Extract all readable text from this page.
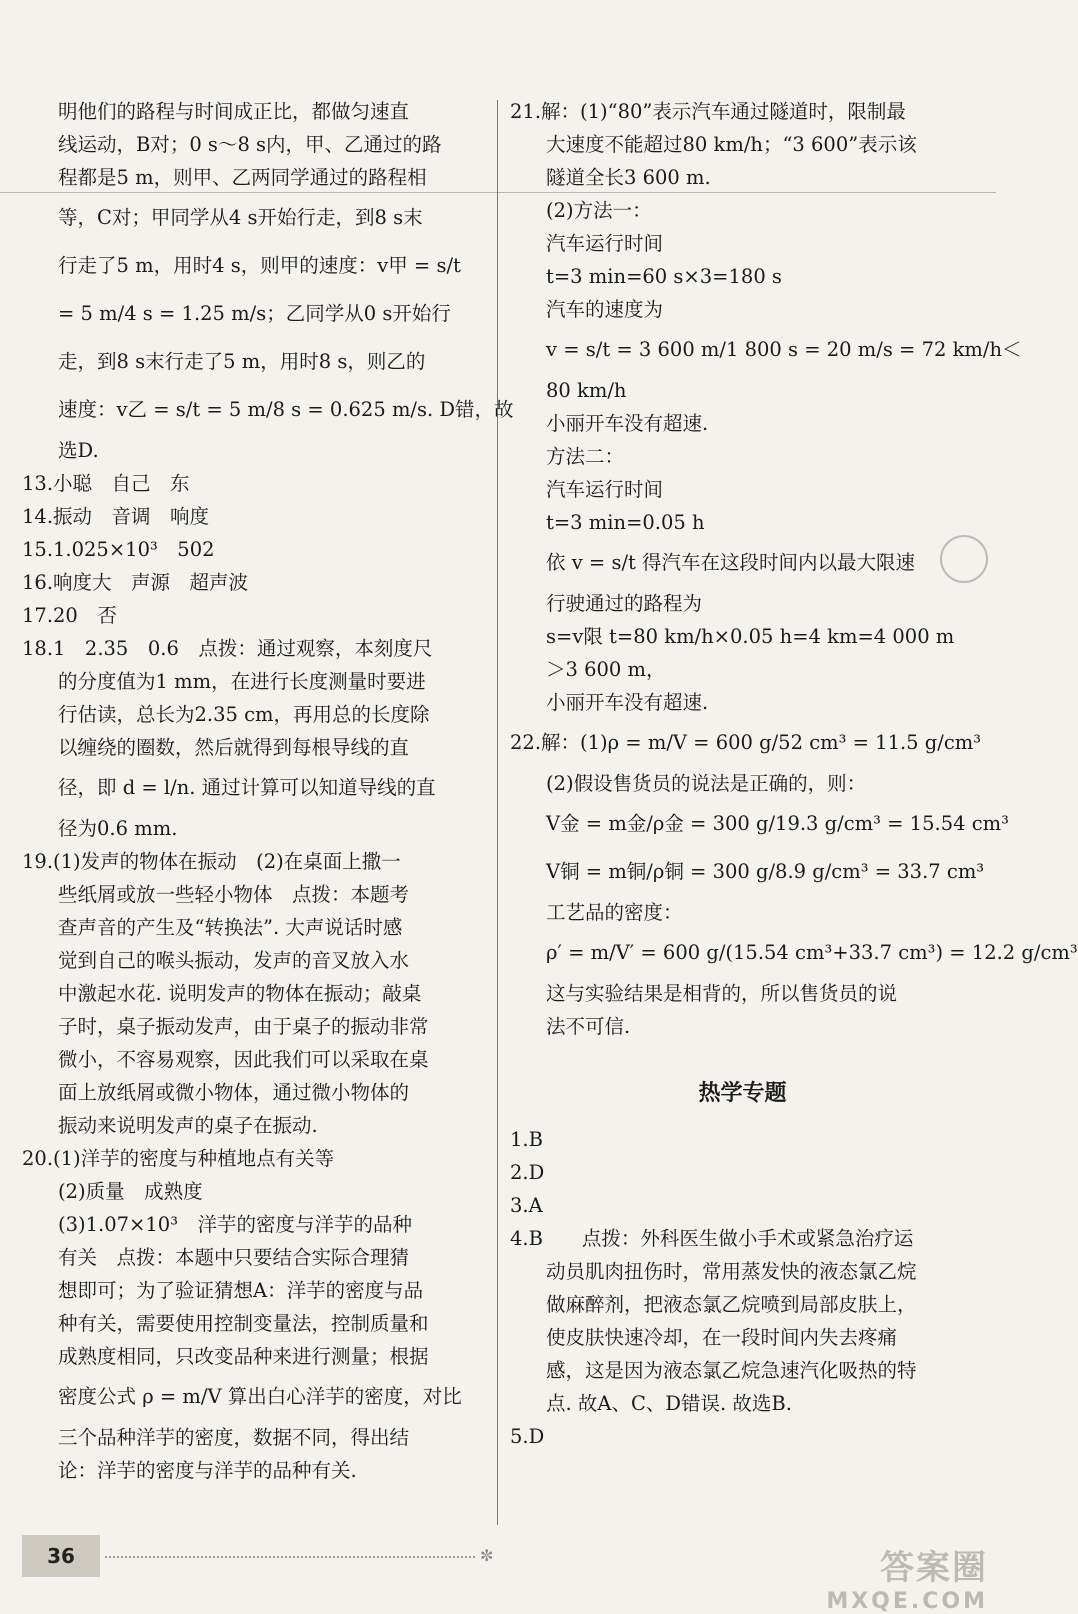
明他们的路程与时间成正比，都做匀速直
线运动，B对；0 s～8 s内，甲、乙通过的路
程都是5 m，则甲、乙两同学通过的路程相
等，C对；甲同学从4 s开始行走，到8 s末
行走了5 m，用时4 s，则甲的速度：v甲 = s/t
= 5 m/4 s = 1.25 m/s；乙同学从0 s开始行
走，到8 s末行走了5 m，用时8 s，则乙的
速度：v乙 = s/t = 5 m/8 s = 0.625 m/s. D错，故
选D.
13.小聪　自己　东
14.振动　音调　响度
15.1.025×10³　502
16.响度大　声源　超声波
17.20　否
18.1　2.35　0.6　点拨：通过观察，本刻度尺
的分度值为1 mm，在进行长度测量时要进
行估读，总长为2.35 cm，再用总的长度除
以缠绕的圈数，然后就得到每根导线的直
径，即 d = l/n. 通过计算可以知道导线的直
径为0.6 mm.
19.(1)发声的物体在振动　(2)在桌面上撒一
些纸屑或放一些轻小物体　点拨：本题考
查声音的产生及“转换法”. 大声说话时感
觉到自己的喉头振动，发声的音叉放入水
中激起水花. 说明发声的物体在振动；敲桌
子时，桌子振动发声，由于桌子的振动非常
微小，不容易观察，因此我们可以采取在桌
面上放纸屑或微小物体，通过微小物体的
振动来说明发声的桌子在振动.
20.(1)洋芋的密度与种植地点有关等
(2)质量　成熟度
(3)1.07×10³　洋芋的密度与洋芋的品种
有关　点拨：本题中只要结合实际合理猜
想即可；为了验证猜想A：洋芋的密度与品
种有关，需要使用控制变量法，控制质量和
成熟度相同，只改变品种来进行测量；根据
密度公式 ρ = m/V 算出白心洋芋的密度，对比
三个品种洋芋的密度，数据不同，得出结
论：洋芋的密度与洋芋的品种有关.
21.解：(1)“80”表示汽车通过隧道时，限制最
大速度不能超过80 km/h；“3 600”表示该
隧道全长3 600 m.
(2)方法一：
汽车运行时间
t=3 min=60 s×3=180 s
汽车的速度为
v = s/t = 3 600 m/1 800 s = 20 m/s = 72 km/h＜
80 km/h
小丽开车没有超速.
方法二：
汽车运行时间
t=3 min=0.05 h
依 v = s/t 得汽车在这段时间内以最大限速
行驶通过的路程为
s=v限 t=80 km/h×0.05 h=4 km=4 000 m
＞3 600 m，
小丽开车没有超速.
22.解：(1)ρ = m/V = 600 g/52 cm³ = 11.5 g/cm³
(2)假设售货员的说法是正确的，则：
V金 = m金/ρ金 = 300 g/19.3 g/cm³ = 15.54 cm³
V铜 = m铜/ρ铜 = 300 g/8.9 g/cm³ = 33.7 cm³
工艺品的密度：
ρ′ = m/V′ = 600 g/(15.54 cm³+33.7 cm³) = 12.2 g/cm³
这与实验结果是相背的，所以售货员的说
法不可信.
热学专题
1.B
2.D
3.A
4.B　　点拨：外科医生做小手术或紧急治疗运
动员肌肉扭伤时，常用蒸发快的液态氯乙烷
做麻醉剂，把液态氯乙烷喷到局部皮肤上，
使皮肤快速冷却，在一段时间内失去疼痛
感，这是因为液态氯乙烷急速汽化吸热的特
点. 故A、C、D错误. 故选B.
5.D
36	✼	答案圈
MXQE.COM
